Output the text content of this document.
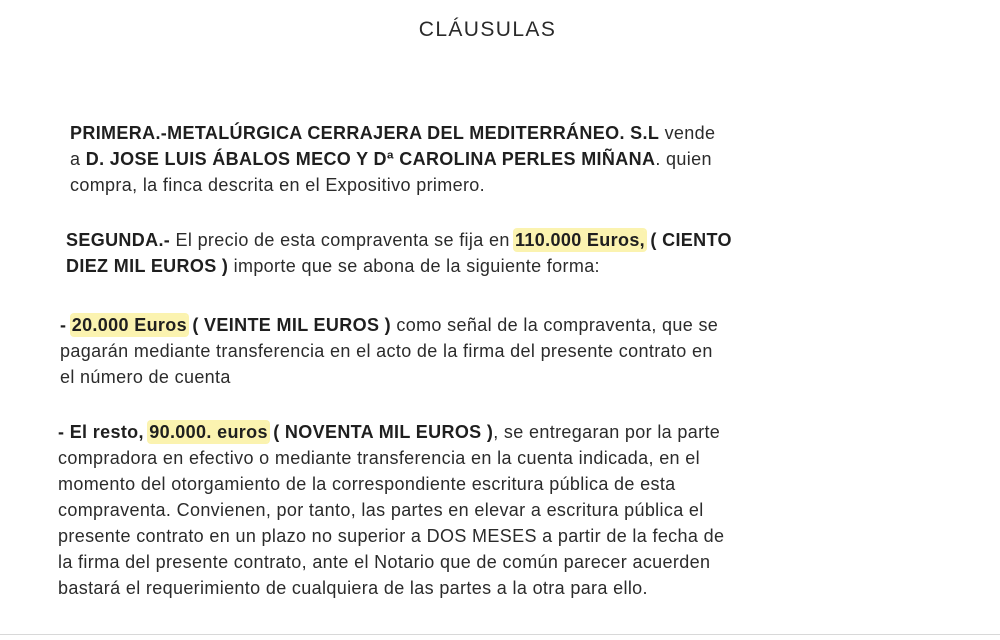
CLÁUSULAS
PRIMERA.-METALÚRGICA CERRAJERA DEL MEDITERRÁNEO. S.L vende
a D. JOSE LUIS ÁBALOS MECO Y Dª CAROLINA PERLES MIÑANA. quien
compra, la finca descrita en el Expositivo primero.
SEGUNDA.- El precio de esta compraventa se fija en 110.000 Euros, ( CIENTO
DIEZ MIL EUROS ) importe que se abona de la siguiente forma:
- 20.000 Euros ( VEINTE MIL EUROS ) como señal de la compraventa, que se
pagarán mediante transferencia en el acto de la firma del presente contrato en
el número de cuenta
- El resto, 90.000. euros ( NOVENTA MIL EUROS ), se entregaran por la parte
compradora en efectivo o mediante transferencia en la cuenta indicada, en el
momento del otorgamiento de la correspondiente escritura pública de esta
compraventa. Convienen, por tanto, las partes en elevar a escritura pública el
presente contrato en un plazo no superior a DOS MESES a partir de la fecha de
la firma del presente contrato, ante el Notario que de común parecer acuerden
bastará el requerimiento de cualquiera de las partes a la otra para ello.
